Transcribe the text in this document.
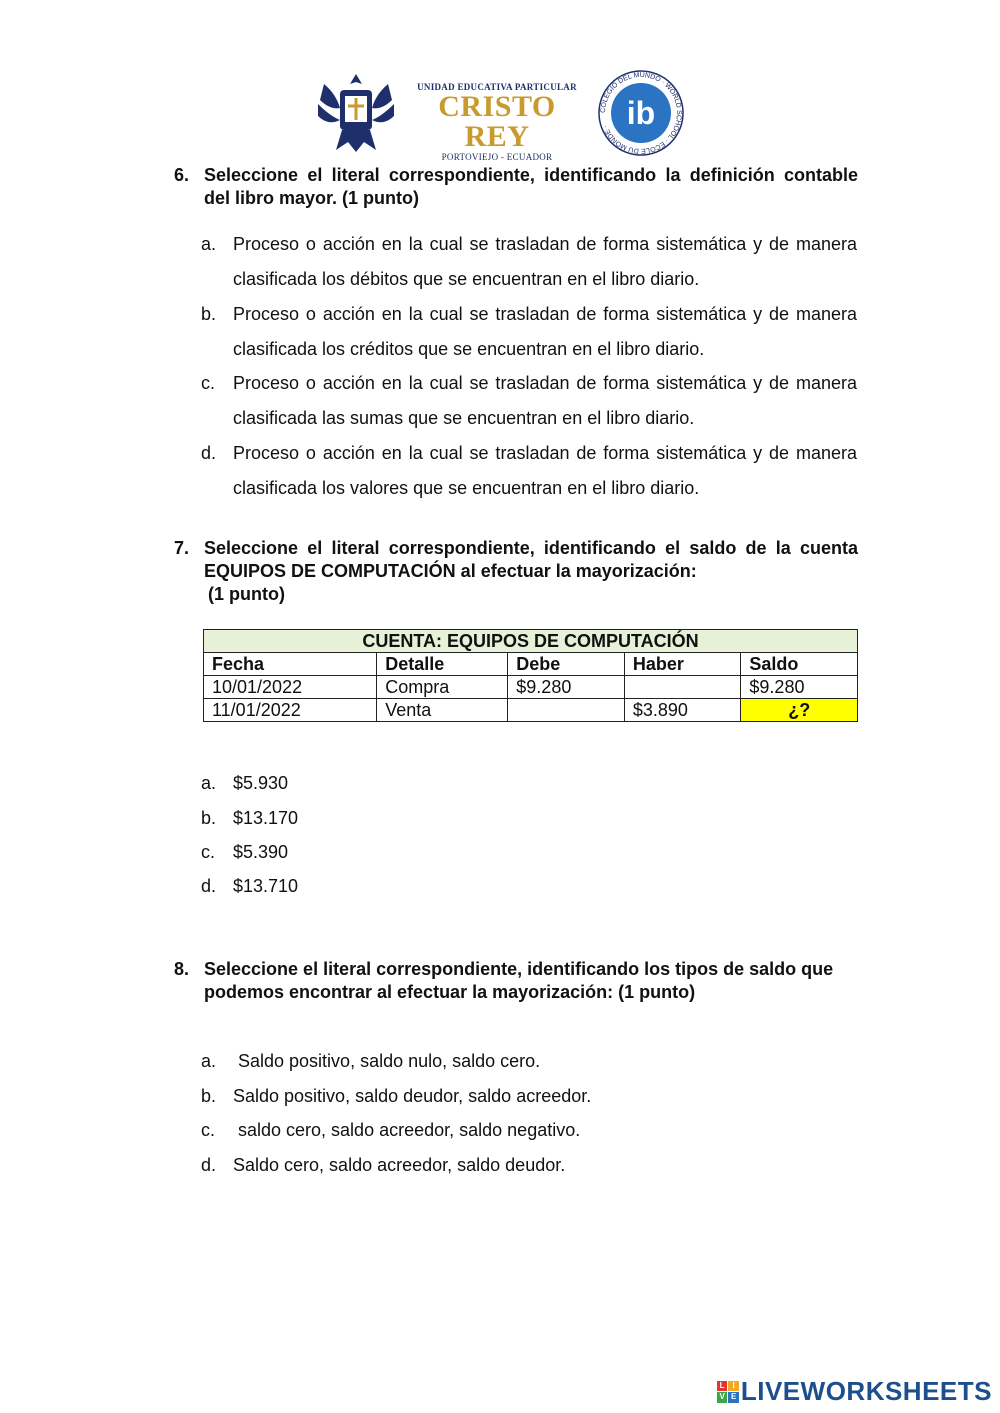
UNIDAD EDUCATIVA PARTICULAR
CRISTO REY
PORTOVIEJO - ECUADOR
COLEGIO DEL MUNDO · WORLD SCHOOL · ÉCOLE DU MONDE · ib
6. Seleccione el literal correspondiente, identificando la definición contable del libro mayor. (1 punto)
a. Proceso o acción en la cual se trasladan de forma sistemática y de manera clasificada los débitos que se encuentran en el libro diario.
b. Proceso o acción en la cual se trasladan de forma sistemática y de manera clasificada los créditos que se encuentran en el libro diario.
c. Proceso o acción en la cual se trasladan de forma sistemática y de manera clasificada las sumas que se encuentran en el libro diario.
d. Proceso o acción en la cual se trasladan de forma sistemática y de manera clasificada los valores que se encuentran en el libro diario.
7. Seleccione el literal correspondiente, identificando el saldo de la cuenta EQUIPOS DE COMPUTACIÓN al efectuar la mayorización:
(1 punto)
CUENTA: EQUIPOS DE COMPUTACIÓN				
Fecha	Detalle	Debe	Haber	Saldo
10/01/2022	Compra	$9.280		$9.280
11/01/2022	Venta		$3.890	¿?
a. $5.930
b. $13.170
c. $5.390
d. $13.710
8. Seleccione el literal correspondiente, identificando los tipos de saldo que podemos encontrar al efectuar la mayorización: (1 punto)
a. Saldo positivo, saldo nulo, saldo cero.
b. Saldo positivo, saldo deudor, saldo acreedor.
c. saldo cero, saldo acreedor, saldo negativo.
d. Saldo cero, saldo acreedor, saldo deudor.
L I
V E LIVEWORKSHEETS
